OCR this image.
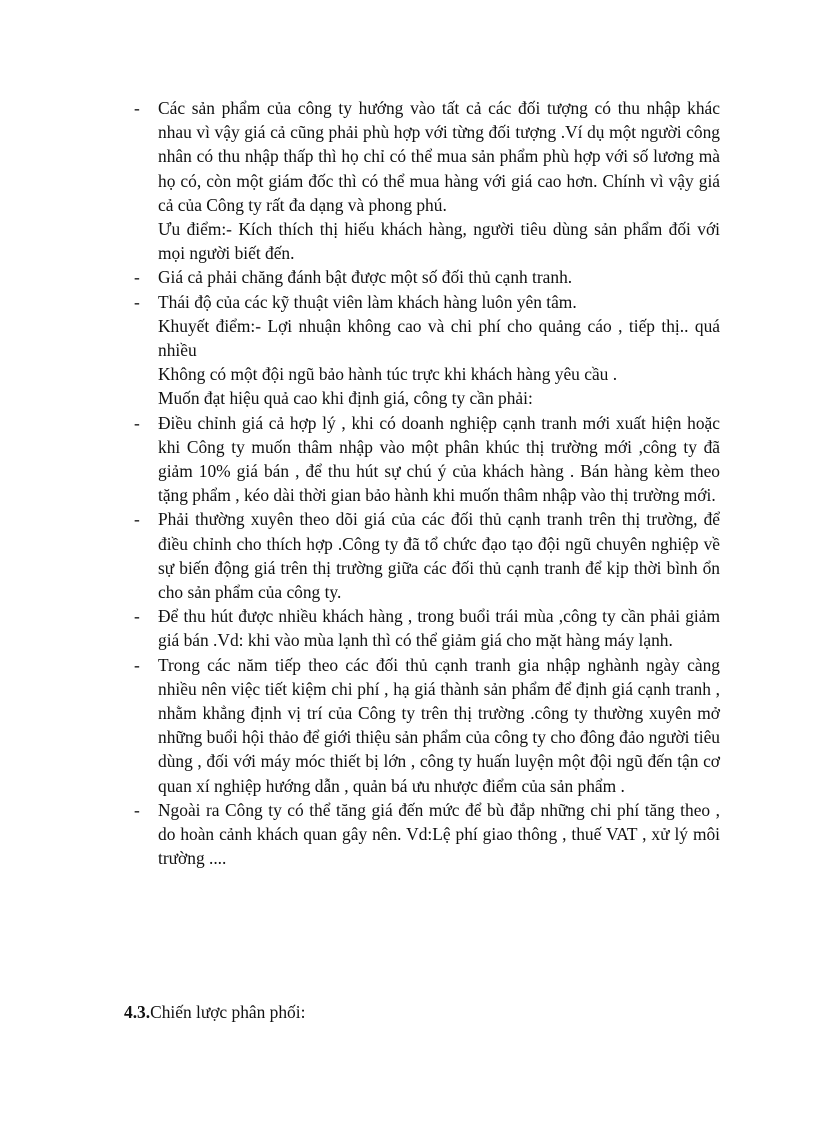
- Các sản phẩm của công ty hướng vào tất cả các đối tượng có thu nhập khác nhau vì vậy giá cả cũng phải phù hợp với từng đối tượng .Ví dụ một người công nhân có thu nhập thấp thì họ chỉ có thể mua sản phẩm phù hợp với số lương mà họ có, còn một giám đốc thì có thể mua hàng với giá cao hơn. Chính vì vậy giá cả của Công ty rất đa dạng và phong phú.
Ưu điểm:- Kích thích thị hiếu khách hàng, người tiêu dùng sản phẩm đối với mọi người biết đến.
- Giá cả phải chăng đánh bật được một số đối thủ cạnh tranh.
- Thái độ của các kỹ thuật viên làm khách hàng luôn yên tâm.
Khuyết điểm:- Lợi nhuận không cao và chi phí cho quảng cáo , tiếp thị.. quá nhiều
Không có một đội ngũ bảo hành túc trực khi khách hàng yêu cầu .
Muốn đạt hiệu quả cao khi định giá, công ty cần phải:
- Điều chỉnh giá cả hợp lý , khi có doanh nghiệp cạnh tranh mới xuất hiện hoặc khi Công ty muốn thâm nhập vào một phân khúc thị trường mới ,công ty đã giảm 10% giá bán , để thu hút sự chú ý của khách hàng . Bán hàng kèm theo tặng phẩm , kéo dài thời gian bảo hành khi muốn thâm nhập vào thị trường mới.
- Phải thường xuyên theo dõi giá của các đối thủ cạnh tranh trên thị trường, để điều chỉnh cho thích hợp .Công ty đã tổ chức đạo tạo đội ngũ chuyên nghiệp về sự biến động giá trên thị trường giữa các đối thủ cạnh tranh để kịp thời bình ổn cho sản phẩm của công ty.
- Để thu hút được nhiều khách hàng , trong buổi trái mùa ,công ty cần phải giảm giá bán .Vd: khi vào mùa lạnh thì có thể giảm giá cho mặt hàng máy lạnh.
- Trong các năm tiếp theo các đối thủ cạnh tranh gia nhập nghành ngày càng nhiều nên việc tiết kiệm chi phí , hạ giá thành sản phẩm để định giá cạnh tranh , nhằm khẳng định vị trí của Công ty trên thị trường .công ty thường xuyên mở những buổi hội thảo để giới thiệu sản phẩm của công ty cho đông đảo người tiêu dùng , đối với máy móc thiết bị lớn , công ty huấn luyện một đội ngũ đến tận cơ quan xí nghiệp hướng dẫn , quản bá ưu nhược điểm của sản phẩm .
- Ngoài ra Công ty có thể tăng giá đến mức để bù đắp những chi phí tăng theo , do hoàn cảnh khách quan gây nên. Vd:Lệ phí giao thông , thuế VAT , xử lý môi trường ....
4.3.Chiến lược phân phối:
